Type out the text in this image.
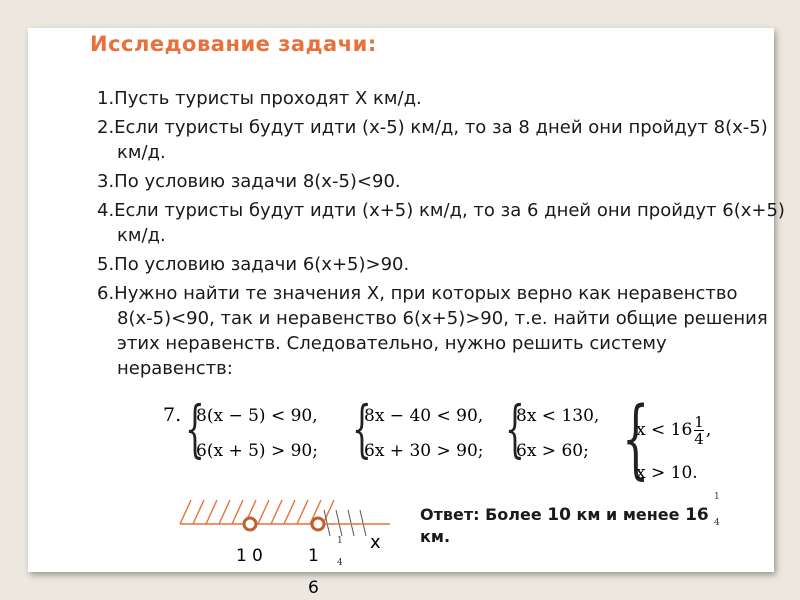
Исследование задачи:
1.Пусть туристы проходят Х км/д.
2.Если туристы будут идти (х-5) км/д, то за 8 дней они пройдут 8(х-5) км/д.
3.По условию задачи 8(х-5)<90.
4.Если туристы будут идти (х+5) км/д, то за 6 дней они пройдут 6(х+5) км/д.
5.По условию задачи 6(х+5)>90.
6.Нужно найти те значения Х, при которых верно как неравенство       8(х-5)<90, так и неравенство 6(х+5)>90, т.е. найти общие решения этих неравенств. Следовательно, нужно решить систему неравенств:
7. {
8(x − 5) < 90,
6(x + 5) > 90; {
8x − 40 < 90,
6x + 30 > 90; {
8x < 130,
6x > 60; {
$x < 16 \frac{1}{4}$ ,
x > 10.
x
1 0	1
6
1
4
Ответ: Более 10 км и менее 16
км.
1
4
